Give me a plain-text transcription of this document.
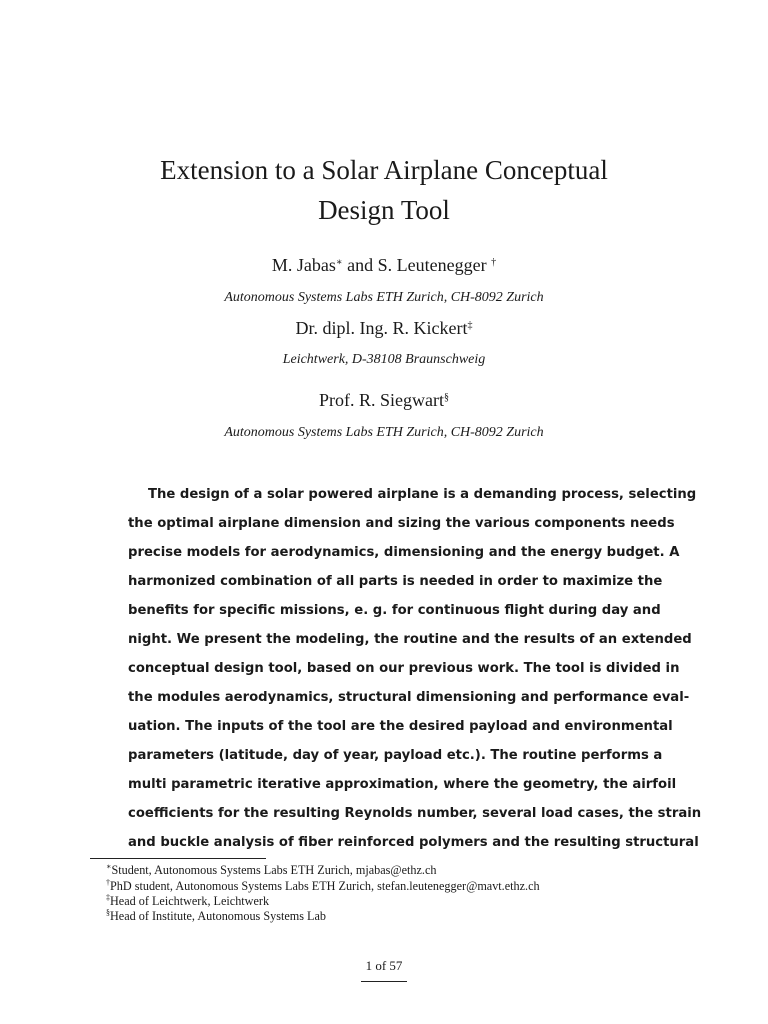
Extension to a Solar Airplane Conceptual
Design Tool
M. Jabas∗ and S. Leutenegger †
Autonomous Systems Labs ETH Zurich, CH-8092 Zurich
Dr. dipl. Ing. R. Kickert‡
Leichtwerk, D-38108 Braunschweig
Prof. R. Siegwart§
Autonomous Systems Labs ETH Zurich, CH-8092 Zurich
The design of a solar powered airplane is a demanding process, selecting
the optimal airplane dimension and sizing the various components needs
precise models for aerodynamics, dimensioning and the energy budget. A
harmonized combination of all parts is needed in order to maximize the
benefits for specific missions, e. g. for continuous flight during day and
night. We present the modeling, the routine and the results of an extended
conceptual design tool, based on our previous work. The tool is divided in
the modules aerodynamics, structural dimensioning and performance eval-
uation. The inputs of the tool are the desired payload and environmental
parameters (latitude, day of year, payload etc.). The routine performs a
multi parametric iterative approximation, where the geometry, the airfoil
coefficients for the resulting Reynolds number, several load cases, the strain
and buckle analysis of fiber reinforced polymers and the resulting structural
∗Student, Autonomous Systems Labs ETH Zurich, mjabas@ethz.ch
†PhD student, Autonomous Systems Labs ETH Zurich, stefan.leutenegger@mavt.ethz.ch
‡Head of Leichtwerk, Leichtwerk
§Head of Institute, Autonomous Systems Lab
1 of 57
